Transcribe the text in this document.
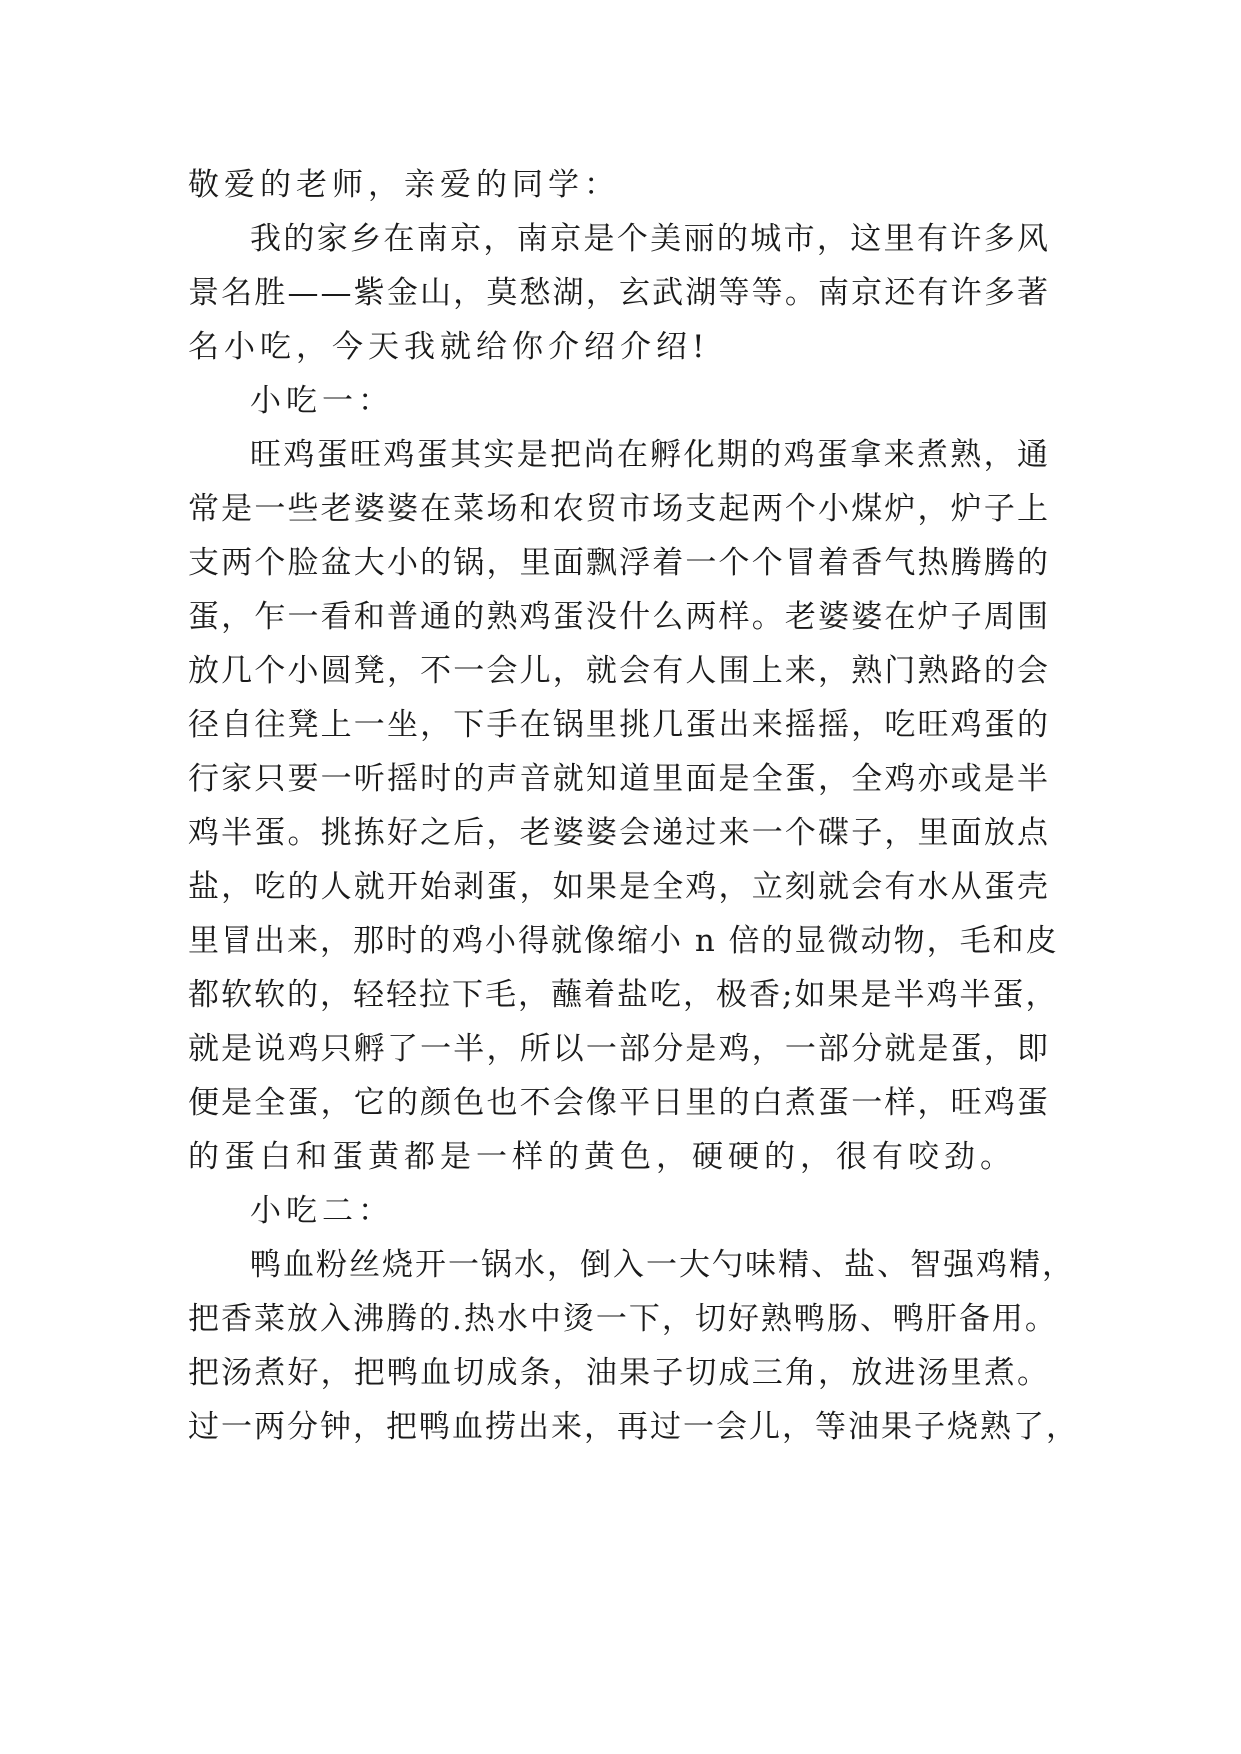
敬爱的老师，亲爱的同学：
我的家乡在南京，南京是个美丽的城市，这里有许多风
景名胜——紫金山，莫愁湖，玄武湖等等。南京还有许多著
名小吃，今天我就给你介绍介绍!
小吃一：
旺鸡蛋旺鸡蛋其实是把尚在孵化期的鸡蛋拿来煮熟，通
常是一些老婆婆在菜场和农贸市场支起两个小煤炉，炉子上
支两个脸盆大小的锅，里面飘浮着一个个冒着香气热腾腾的
蛋，乍一看和普通的熟鸡蛋没什么两样。老婆婆在炉子周围
放几个小圆凳，不一会儿，就会有人围上来，熟门熟路的会
径自往凳上一坐，下手在锅里挑几蛋出来摇摇，吃旺鸡蛋的
行家只要一听摇时的声音就知道里面是全蛋，全鸡亦或是半
鸡半蛋。挑拣好之后，老婆婆会递过来一个碟子，里面放点
盐，吃的人就开始剥蛋，如果是全鸡，立刻就会有水从蛋壳
里冒出来，那时的鸡小得就像缩小 n 倍的显微动物，毛和皮
都软软的，轻轻拉下毛，蘸着盐吃，极香;如果是半鸡半蛋，
就是说鸡只孵了一半，所以一部分是鸡，一部分就是蛋，即
便是全蛋，它的颜色也不会像平日里的白煮蛋一样，旺鸡蛋
的蛋白和蛋黄都是一样的黄色，硬硬的，很有咬劲。
小吃二：
鸭血粉丝烧开一锅水，倒入一大勺味精、盐、智强鸡精，
把香菜放入沸腾的.热水中烫一下，切好熟鸭肠、鸭肝备用。
把汤煮好，把鸭血切成条，油果子切成三角，放进汤里煮。
过一两分钟，把鸭血捞出来，再过一会儿，等油果子烧熟了，
